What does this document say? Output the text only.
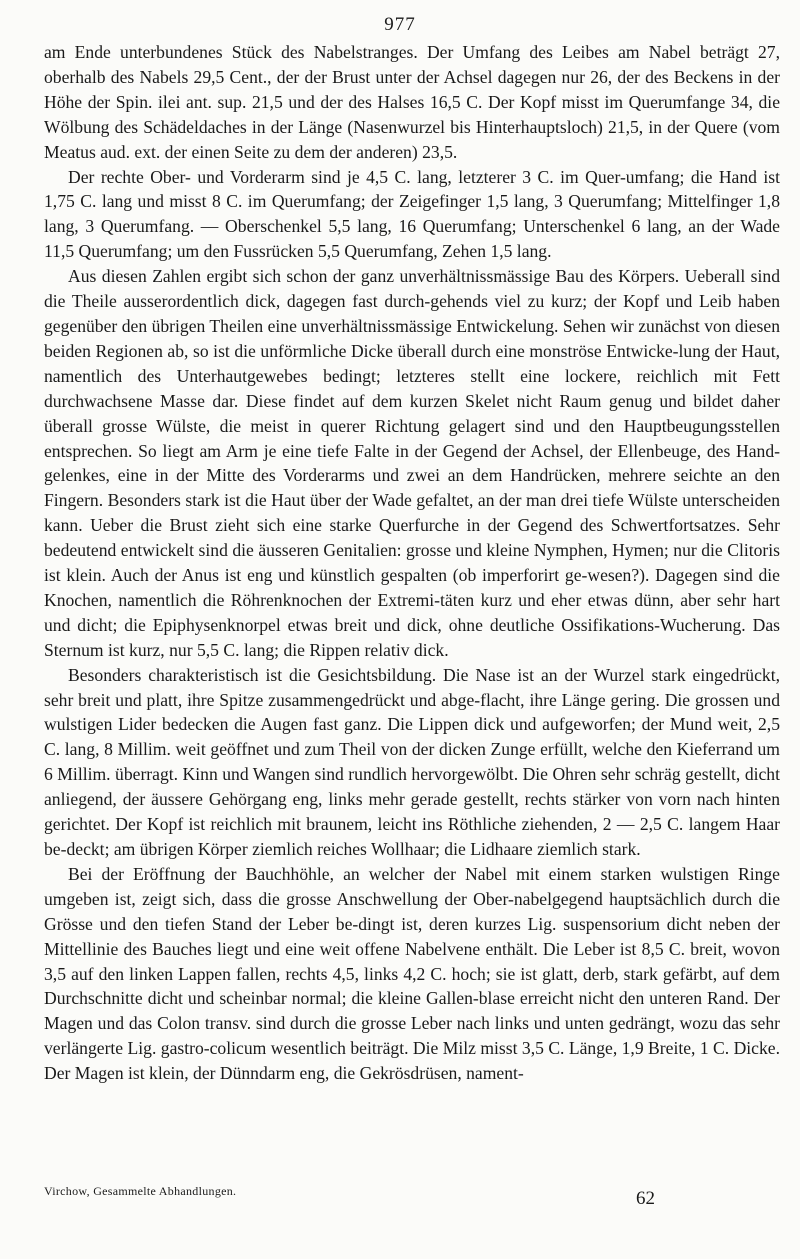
977

am Ende unterbundenes Stück des Nabelstranges. Der Umfang des Leibes am Nabel beträgt 27, oberhalb des Nabels 29,5 Cent., der der Brust unter der Achsel dagegen nur 26, der des Beckens in der Höhe der Spin. ilei ant. sup. 21,5 und der des Halses 16,5 C. Der Kopf misst im Querumfange 34, die Wölbung des Schädeldaches in der Länge (Nasenwurzel bis Hinterhauptsloch) 21,5, in der Quere (vom Meatus aud. ext. der einen Seite zu dem der anderen) 23,5.

Der rechte Ober- und Vorderarm sind je 4,5 C. lang, letzterer 3 C. im Quer-umfang; die Hand ist 1,75 C. lang und misst 8 C. im Querumfang; der Zeigefinger 1,5 lang, 3 Querumfang; Mittelfinger 1,8 lang, 3 Querumfang. — Oberschenkel 5,5 lang, 16 Querumfang; Unterschenkel 6 lang, an der Wade 11,5 Querumfang; um den Fussrücken 5,5 Querumfang, Zehen 1,5 lang.

Aus diesen Zahlen ergibt sich schon der ganz unverhältnissmässige Bau des Körpers. Ueberall sind die Theile ausserordentlich dick, dagegen fast durch-gehends viel zu kurz; der Kopf und Leib haben gegenüber den übrigen Theilen eine unverhältnissmässige Entwickelung. Sehen wir zunächst von diesen beiden Regionen ab, so ist die unförmliche Dicke überall durch eine monströse Entwicke-lung der Haut, namentlich des Unterhautgewebes bedingt; letzteres stellt eine lockere, reichlich mit Fett durchwachsene Masse dar. Diese findet auf dem kurzen Skelet nicht Raum genug und bildet daher überall grosse Wülste, die meist in querer Richtung gelagert sind und den Hauptbeugungsstellen entsprechen. So liegt am Arm je eine tiefe Falte in der Gegend der Achsel, der Ellenbeuge, des Hand-gelenkes, eine in der Mitte des Vorderarms und zwei an dem Handrücken, mehrere seichte an den Fingern. Besonders stark ist die Haut über der Wade gefaltet, an der man drei tiefe Wülste unterscheiden kann. Ueber die Brust zieht sich eine starke Querfurche in der Gegend des Schwertfortsatzes. Sehr bedeutend entwickelt sind die äusseren Genitalien: grosse und kleine Nymphen, Hymen; nur die Clitoris ist klein. Auch der Anus ist eng und künstlich gespalten (ob imperforirt ge-wesen?). Dagegen sind die Knochen, namentlich die Röhrenknochen der Extremi-täten kurz und eher etwas dünn, aber sehr hart und dicht; die Epiphysenknorpel etwas breit und dick, ohne deutliche Ossifikations-Wucherung. Das Sternum ist kurz, nur 5,5 C. lang; die Rippen relativ dick.

Besonders charakteristisch ist die Gesichtsbildung. Die Nase ist an der Wurzel stark eingedrückt, sehr breit und platt, ihre Spitze zusammengedrückt und abge-flacht, ihre Länge gering. Die grossen und wulstigen Lider bedecken die Augen fast ganz. Die Lippen dick und aufgeworfen; der Mund weit, 2,5 C. lang, 8 Millim. weit geöffnet und zum Theil von der dicken Zunge erfüllt, welche den Kieferrand um 6 Millim. überragt. Kinn und Wangen sind rundlich hervorgewölbt. Die Ohren sehr schräg gestellt, dicht anliegend, der äussere Gehörgang eng, links mehr gerade gestellt, rechts stärker von vorn nach hinten gerichtet. Der Kopf ist reichlich mit braunem, leicht ins Röthliche ziehenden, 2 — 2,5 C. langem Haar be-deckt; am übrigen Körper ziemlich reiches Wollhaar; die Lidhaare ziemlich stark.

Bei der Eröffnung der Bauchhöhle, an welcher der Nabel mit einem starken wulstigen Ringe umgeben ist, zeigt sich, dass die grosse Anschwellung der Ober-nabelgegend hauptsächlich durch die Grösse und den tiefen Stand der Leber be-dingt ist, deren kurzes Lig. suspensorium dicht neben der Mittellinie des Bauches liegt und eine weit offene Nabelvene enthält. Die Leber ist 8,5 C. breit, wovon 3,5 auf den linken Lappen fallen, rechts 4,5, links 4,2 C. hoch; sie ist glatt, derb, stark gefärbt, auf dem Durchschnitte dicht und scheinbar normal; die kleine Gallen-blase erreicht nicht den unteren Rand. Der Magen und das Colon transv. sind durch die grosse Leber nach links und unten gedrängt, wozu das sehr verlängerte Lig. gastro-colicum wesentlich beiträgt. Die Milz misst 3,5 C. Länge, 1,9 Breite, 1 C. Dicke. Der Magen ist klein, der Dünndarm eng, die Gekrösdrüsen, nament-

Virchow, Gesammelte Abhandlungen.	62
